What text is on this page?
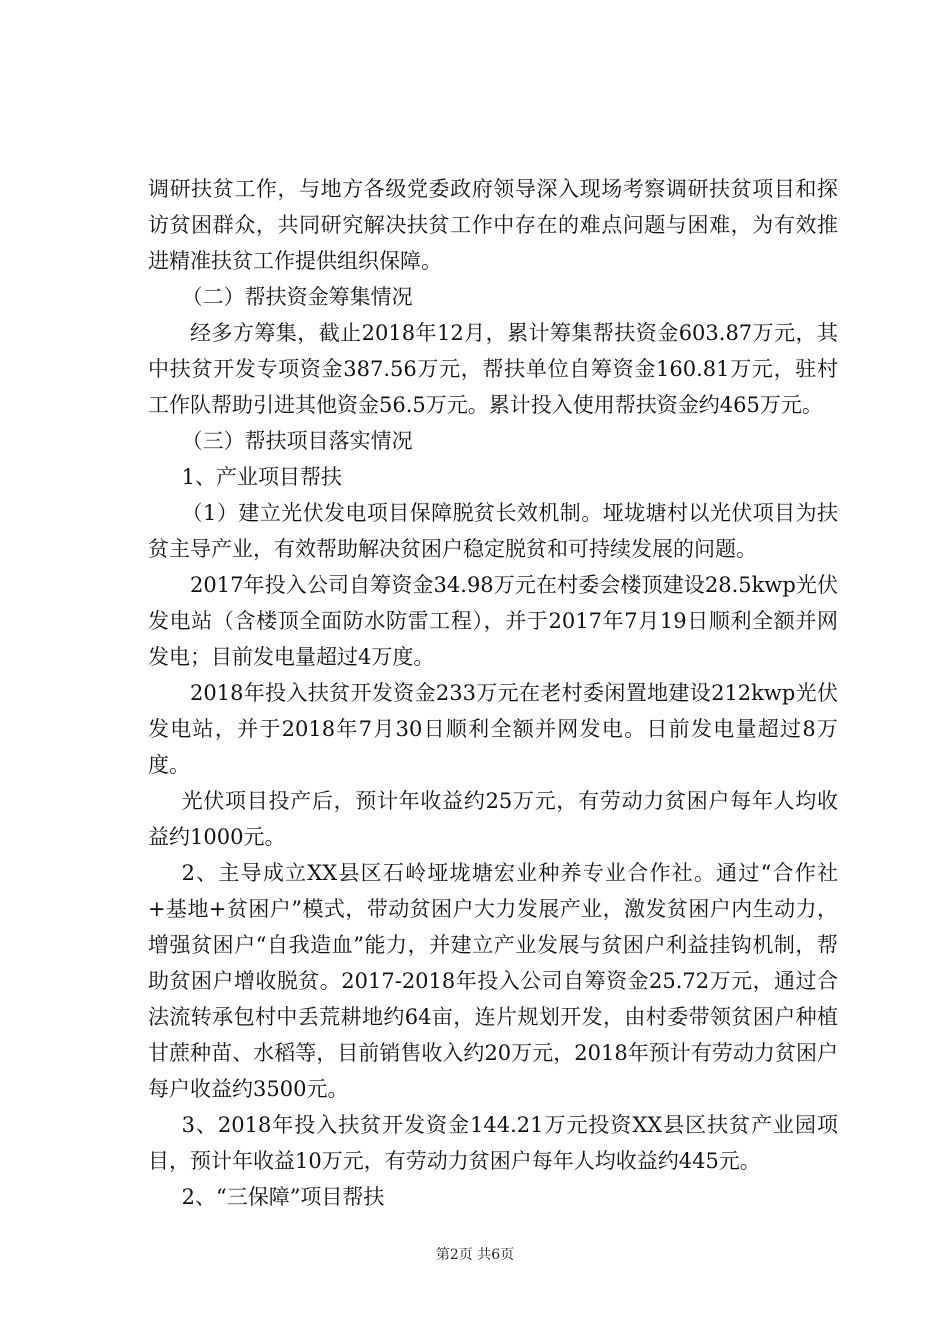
调研扶贫工作，与地方各级党委政府领导深入现场考察调研扶贫项目和探访贫困群众，共同研究解决扶贫工作中存在的难点问题与困难，为有效推进精准扶贫工作提供组织保障。

（二）帮扶资金筹集情况

经多方筹集，截止2018年12月，累计筹集帮扶资金603.87万元，其中扶贫开发专项资金387.56万元，帮扶单位自筹资金160.81万元，驻村工作队帮助引进其他资金56.5万元。累计投入使用帮扶资金约465万元。

（三）帮扶项目落实情况

1、产业项目帮扶

（1）建立光伏发电项目保障脱贫长效机制。垭垅塘村以光伏项目为扶贫主导产业，有效帮助解决贫困户稳定脱贫和可持续发展的问题。

2017年投入公司自筹资金34.98万元在村委会楼顶建设28.5kwp光伏发电站（含楼顶全面防水防雷工程），并于2017年7月19日顺利全额并网发电；目前发电量超过4万度。

2018年投入扶贫开发资金233万元在老村委闲置地建设212kwp光伏发电站，并于2018年7月30日顺利全额并网发电。日前发电量超过8万度。

光伏项目投产后，预计年收益约25万元，有劳动力贫困户每年人均收益约1000元。

2、主导成立XX县区石岭垭垅塘宏业种养专业合作社。通过“合作社+基地+贫困户”模式，带动贫困户大力发展产业，激发贫困户内生动力，增强贫困户“自我造血”能力，并建立产业发展与贫困户利益挂钩机制，帮助贫困户增收脱贫。2017-2018年投入公司自筹资金25.72万元，通过合法流转承包村中丢荒耕地约64亩，连片规划开发，由村委带领贫困户种植甘蔗种苗、水稻等，目前销售收入约20万元，2018年预计有劳动力贫困户每户收益约3500元。

3、2018年投入扶贫开发资金144.21万元投资XX县区扶贫产业园项目，预计年收益10万元，有劳动力贫困户每年人均收益约445元。

2、“三保障”项目帮扶

第2页 共6页
